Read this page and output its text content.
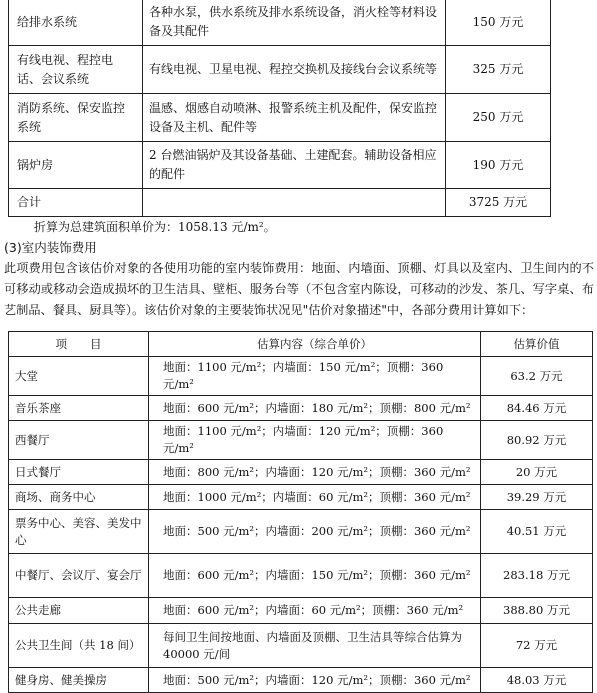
给排水系统	各种水泵，供水系统及排水系统设备，消火栓等材料设备及其配件	150 万元
有线电视、程控电话、会议系统	有线电视、卫星电视、程控交换机及接线台会议系统等	325 万元
消防系统、保安监控系统	温感、烟感自动喷淋、报警系统主机及配件，保安监控设备及主机、配件等	250 万元
锅炉房	2 台燃油锅炉及其设备基础、土建配套。辅助设备相应的配件	190 万元
合计		3725 万元
折算为总建筑面积单价为：1058.13 元/m²。
(3)室内装饰费用
此项费用包含该估价对象的各使用功能的室内装饰费用：地面、内墙面、顶棚、灯具以及室内、卫生间内的不可移动或移动会造成损坏的卫生洁具、壁柜、服务台等（不包含室内陈设，可移动的沙发、茶几、写字桌、布艺制品、餐具、厨具等）。该估价对象的主要装饰状况见"估价对象描述"中，各部分费用计算如下：
项　　目	估算内容（综合单价）	估算价值
大堂	地面：1100 元/m²；内墙面：150 元/m²；顶棚：360 元/m²	63.2 万元
音乐茶座	地面：600 元/m²；内墙面：180 元/m²；顶棚：800 元/m²	84.46 万元
西餐厅	地面：1100 元/m²；内墙面：120 元/m²；顶棚：360 元/m²	80.92 万元
日式餐厅	地面：800 元/m²；内墙面：120 元/m²；顶棚：360 元/m²	20 万元
商场、商务中心	地面：1000 元/m²；内墙面：60 元/m²；顶棚：360 元/m²	39.29 万元
票务中心、美容、美发中心	地面：500 元/m²；内墙面：200 元/m²；顶棚：360 元/m²	40.51 万元
中餐厅、会议厅、宴会厅	地面：600 元/m²；内墙面：150 元/m²；顶棚：360 元/m²	283.18 万元
公共走廊	地面：600 元/m²；内墙面：60 元/m²；顶棚：360 元/m²	388.80 万元
公共卫生间（共 18 间）	每间卫生间按地面、内墙面及顶棚、卫生洁具等综合估算为 40000 元/间	72 万元
健身房、健美操房	地面：500 元/m²；内墙面：120 元/m²；顶棚：360 元/m²	48.03 万元
